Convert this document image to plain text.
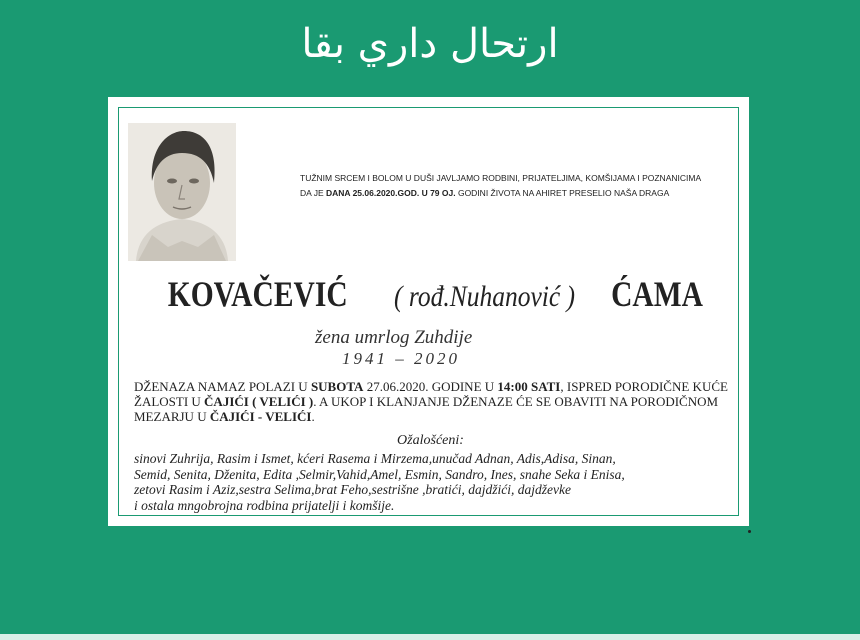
ارتحال داري بقا
TUŽNIM SRCEM I BOLOM U DUŠI JAVLJAMO RODBINI, PRIJATELJIMA, KOMŠIJAMA I POZNANICIMA
DA JE DANA 25.06.2020.GOD. U 79 OJ. GODINI ŽIVOTA NA AHIRET PRESELIO NAŠA DRAGA
KOVAČEVIĆ ( rođ.Nuhanović ) ĆAMA
žena umrlog Zuhdije
1941 – 2020
DŽENAZA NAMAZ POLAZI U SUBOTA 27.06.2020. GODINE U 14:00 SATI, ISPRED PORODIČNE KUĆE ŽALOSTI U ČAJIĆI ( VELIĆI ). A UKOP I KLANJANJE DŽENAZE ĆE SE OBAVITI NA PORODIČNOM MEZARJU U ČAJIĆI - VELIĆI.
Ožalošćeni:
sinovi Zuhrija, Rasim i Ismet, kćeri Rasema i Mirzema,unučad Adnan, Adis,Adisa, Sinan,
Semid, Senita, Dženita, Edita ,Selmir,Vahid,Amel, Esmin, Sandro, Ines, snahe Seka i Enisa,
zetovi Rasim i Aziz,sestra Selima,brat Feho,sestrišne ,bratići, dajdžići, dajdževke
i ostala mngobrojna rodbina prijatelji i komšije.
